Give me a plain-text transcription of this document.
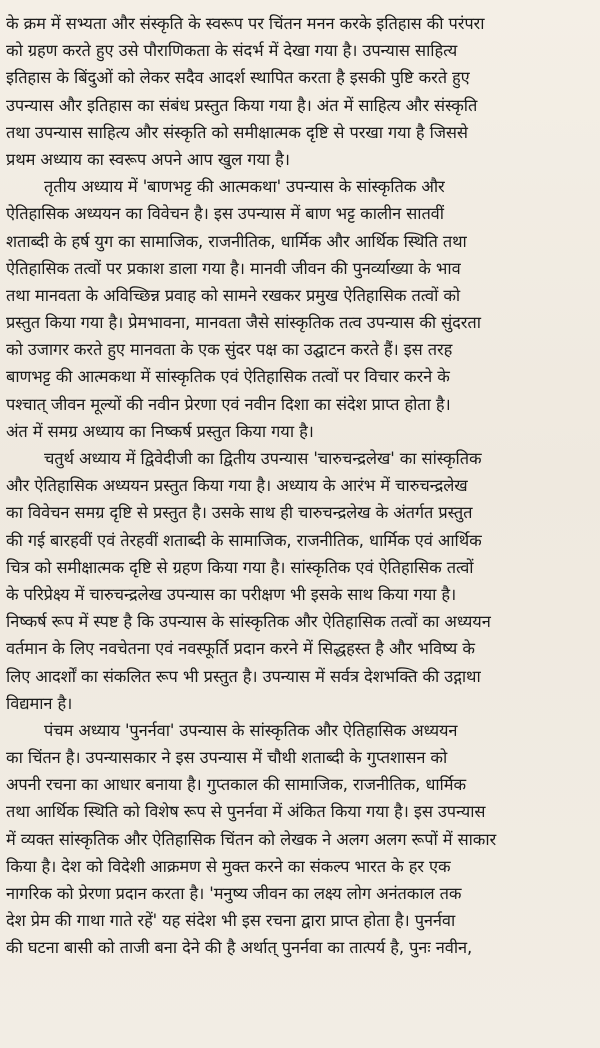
के क्रम में सभ्यता और संस्कृति के स्वरूप पर चिंतन मनन करके इतिहास की परंपरा
को ग्रहण करते हुए उसे पौराणिकता के संदर्भ में देखा गया है। उपन्यास साहित्य
इतिहास के बिंदुओं को लेकर सदैव आदर्श स्थापित करता है इसकी पुष्टि करते हुए
उपन्यास और इतिहास का संबंध प्रस्तुत किया गया है। अंत में साहित्य और संस्कृति
तथा उपन्यास साहित्य और संस्कृति को समीक्षात्मक दृष्टि से परखा गया है जिससे
प्रथम अध्याय का स्वरूप अपने आप खुल गया है।
तृतीय अध्याय में 'बाणभट्ट की आत्मकथा' उपन्यास के सांस्कृतिक और
ऐतिहासिक अध्ययन का विवेचन है। इस उपन्यास में बाण भट्ट कालीन सातवीं
शताब्दी के हर्ष युग का सामाजिक, राजनीतिक, धार्मिक और आर्थिक स्थिति तथा
ऐतिहासिक तत्वों पर प्रकाश डाला गया है। मानवी जीवन की पुनर्व्याख्या के भाव
तथा मानवता के अविच्छिन्न प्रवाह को सामने रखकर प्रमुख ऐतिहासिक तत्वों को
प्रस्तुत किया गया है। प्रेमभावना, मानवता जैसे सांस्कृतिक तत्व उपन्यास की सुंदरता
को उजागर करते हुए मानवता के एक सुंदर पक्ष का उद्घाटन करते हैं। इस तरह
बाणभट्ट की आत्मकथा में सांस्कृतिक एवं ऐतिहासिक तत्वों पर विचार करने के
पश्चात् जीवन मूल्यों की नवीन प्रेरणा एवं नवीन दिशा का संदेश प्राप्त होता है।
अंत में समग्र अध्याय का निष्कर्ष प्रस्तुत किया गया है।
चतुर्थ अध्याय में द्विवेदीजी का द्वितीय उपन्यास 'चारुचन्द्रलेख' का सांस्कृतिक
और ऐतिहासिक अध्ययन प्रस्तुत किया गया है। अध्याय के आरंभ में चारुचन्द्रलेख
का विवेचन समग्र दृष्टि से प्रस्तुत है। उसके साथ ही चारुचन्द्रलेख के अंतर्गत प्रस्तुत
की गई बारहवीं एवं तेरहवीं शताब्दी के सामाजिक, राजनीतिक, धार्मिक एवं आर्थिक
चित्र को समीक्षात्मक दृष्टि से ग्रहण किया गया है। सांस्कृतिक एवं ऐतिहासिक तत्वों
के परिप्रेक्ष्य में चारुचन्द्रलेख उपन्यास का परीक्षण भी इसके साथ किया गया है।
निष्कर्ष रूप में स्पष्ट है कि उपन्यास के सांस्कृतिक और ऐतिहासिक तत्वों का अध्ययन
वर्तमान के लिए नवचेतना एवं नवस्फूर्ति प्रदान करने में सिद्धहस्त है और भविष्य के
लिए आदर्शों का संकलित रूप भी प्रस्तुत है। उपन्यास में सर्वत्र देशभक्ति की उद्गाथा
विद्यमान है।
पंचम अध्याय 'पुनर्नवा' उपन्यास के सांस्कृतिक और ऐतिहासिक अध्ययन
का चिंतन है। उपन्यासकार ने इस उपन्यास में चौथी शताब्दी के गुप्तशासन को
अपनी रचना का आधार बनाया है। गुप्तकाल की सामाजिक, राजनीतिक, धार्मिक
तथा आर्थिक स्थिति को विशेष रूप से पुनर्नवा में अंकित किया गया है। इस उपन्यास
में व्यक्त सांस्कृतिक और ऐतिहासिक चिंतन को लेखक ने अलग अलग रूपों में साकार
किया है। देश को विदेशी आक्रमण से मुक्त करने का संकल्प भारत के हर एक
नागरिक को प्रेरणा प्रदान करता है। 'मनुष्य जीवन का लक्ष्य लोग अनंतकाल तक
देश प्रेम की गाथा गाते रहें' यह संदेश भी इस रचना द्वारा प्राप्त होता है। पुनर्नवा
की घटना बासी को ताजी बना देने की है अर्थात् पुनर्नवा का तात्पर्य है, पुनः नवीन,
